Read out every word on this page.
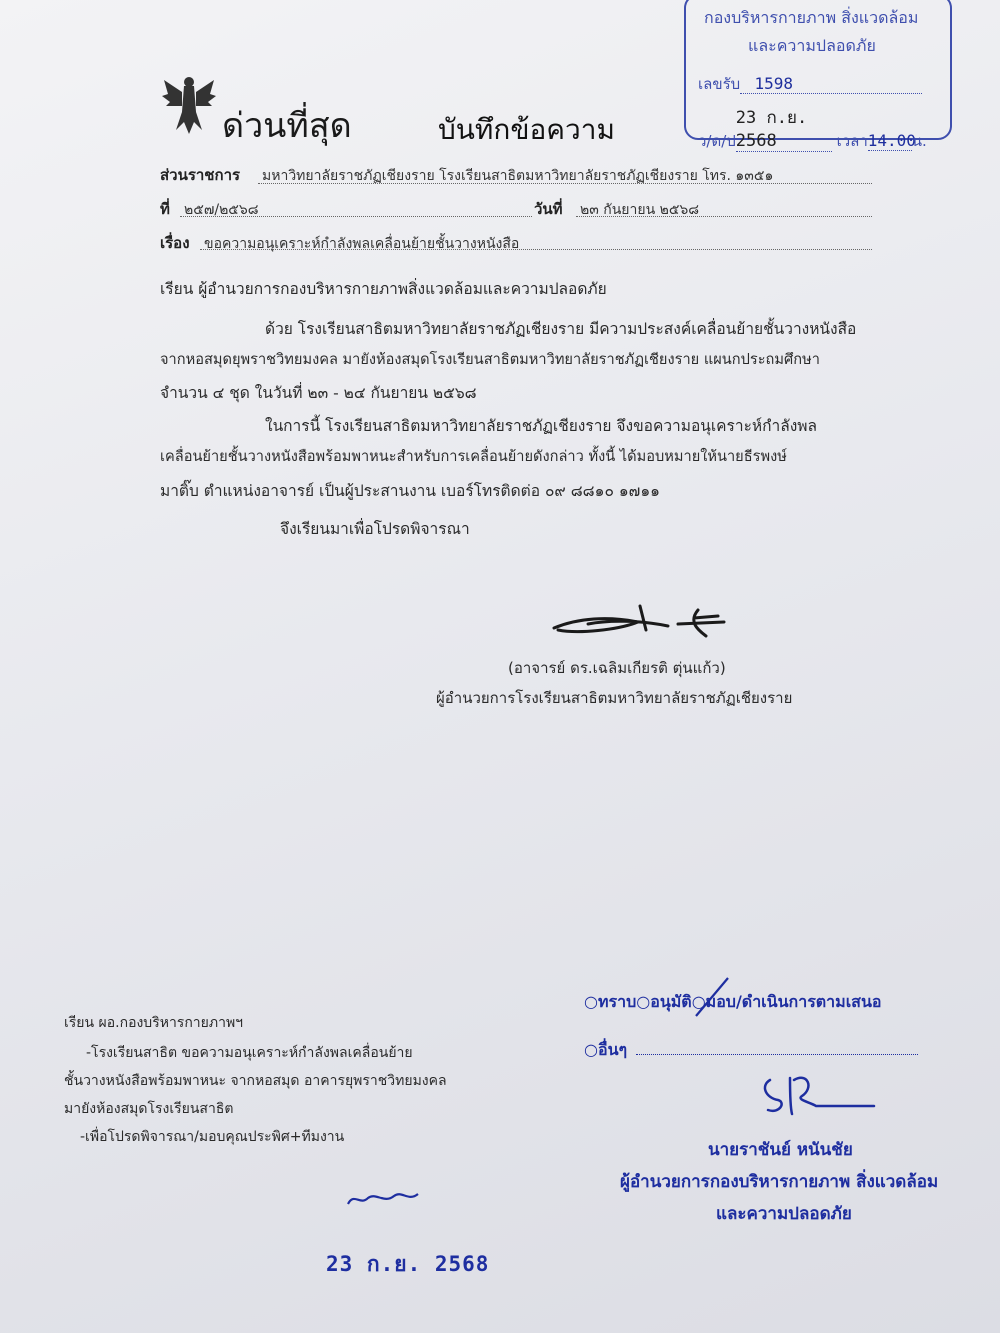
ด่วนที่สุด	บันทึกข้อความ
กองบริหารกายภาพ สิ่งแวดล้อม
และความปลอดภัย
เลขรับ 1598
ว/ด/ป23 ก.ย. 2568	เวลา14.00น.
ส่วนราชการ มหาวิทยาลัยราชภัฏเชียงราย โรงเรียนสาธิตมหาวิทยาลัยราชภัฏเชียงราย โทร. ๑๓๕๑
ที่ ๒๕๗/๒๕๖๘	วันที่ ๒๓ กันยายน ๒๕๖๘
เรื่อง ขอความอนุเคราะห์กำลังพลเคลื่อนย้ายชั้นวางหนังสือ
เรียน ผู้อำนวยการกองบริหารกายภาพสิ่งแวดล้อมและความปลอดภัย
ด้วย โรงเรียนสาธิตมหาวิทยาลัยราชภัฏเชียงราย มีความประสงค์เคลื่อนย้ายชั้นวางหนังสือ
จากหอสมุดยุพราชวิทยมงคล มายังห้องสมุดโรงเรียนสาธิตมหาวิทยาลัยราชภัฏเชียงราย แผนกประถมศึกษา
จำนวน ๔ ชุด ในวันที่ ๒๓ - ๒๔ กันยายน ๒๕๖๘
ในการนี้ โรงเรียนสาธิตมหาวิทยาลัยราชภัฏเชียงราย จึงขอความอนุเคราะห์กำลังพล
เคลื่อนย้ายชั้นวางหนังสือพร้อมพาหนะสำหรับการเคลื่อนย้ายดังกล่าว ทั้งนี้ ได้มอบหมายให้นายธีรพงษ์
มาติ๊บ ตำแหน่งอาจารย์ เป็นผู้ประสานงาน เบอร์โทรติดต่อ ๐๙ ๘๘๑๐ ๑๗๑๑
จึงเรียนมาเพื่อโปรดพิจารณา
(อาจารย์ ดร.เฉลิมเกียรติ ตุ่นแก้ว)
ผู้อำนวยการโรงเรียนสาธิตมหาวิทยาลัยราชภัฏเชียงราย
เรียน ผอ.กองบริหารกายภาพฯ
-โรงเรียนสาธิต ขอความอนุเคราะห์กำลังพลเคลื่อนย้าย
ชั้นวางหนังสือพร้อมพาหนะ จากหอสมุด อาคารยุพราชวิทยมงคล
มายังห้องสมุดโรงเรียนสาธิต
-เพื่อโปรดพิจารณา/มอบคุณประพิศ+ทีมงาน
23 ก.ย. 2568
○ทราบ○อนุมัติ○มอบ/ดำเนินการตามเสนอ
○อื่นๆ
นายราชันย์ หนันชัย
ผู้อำนวยการกองบริหารกายภาพ สิ่งแวดล้อม
และความปลอดภัย
